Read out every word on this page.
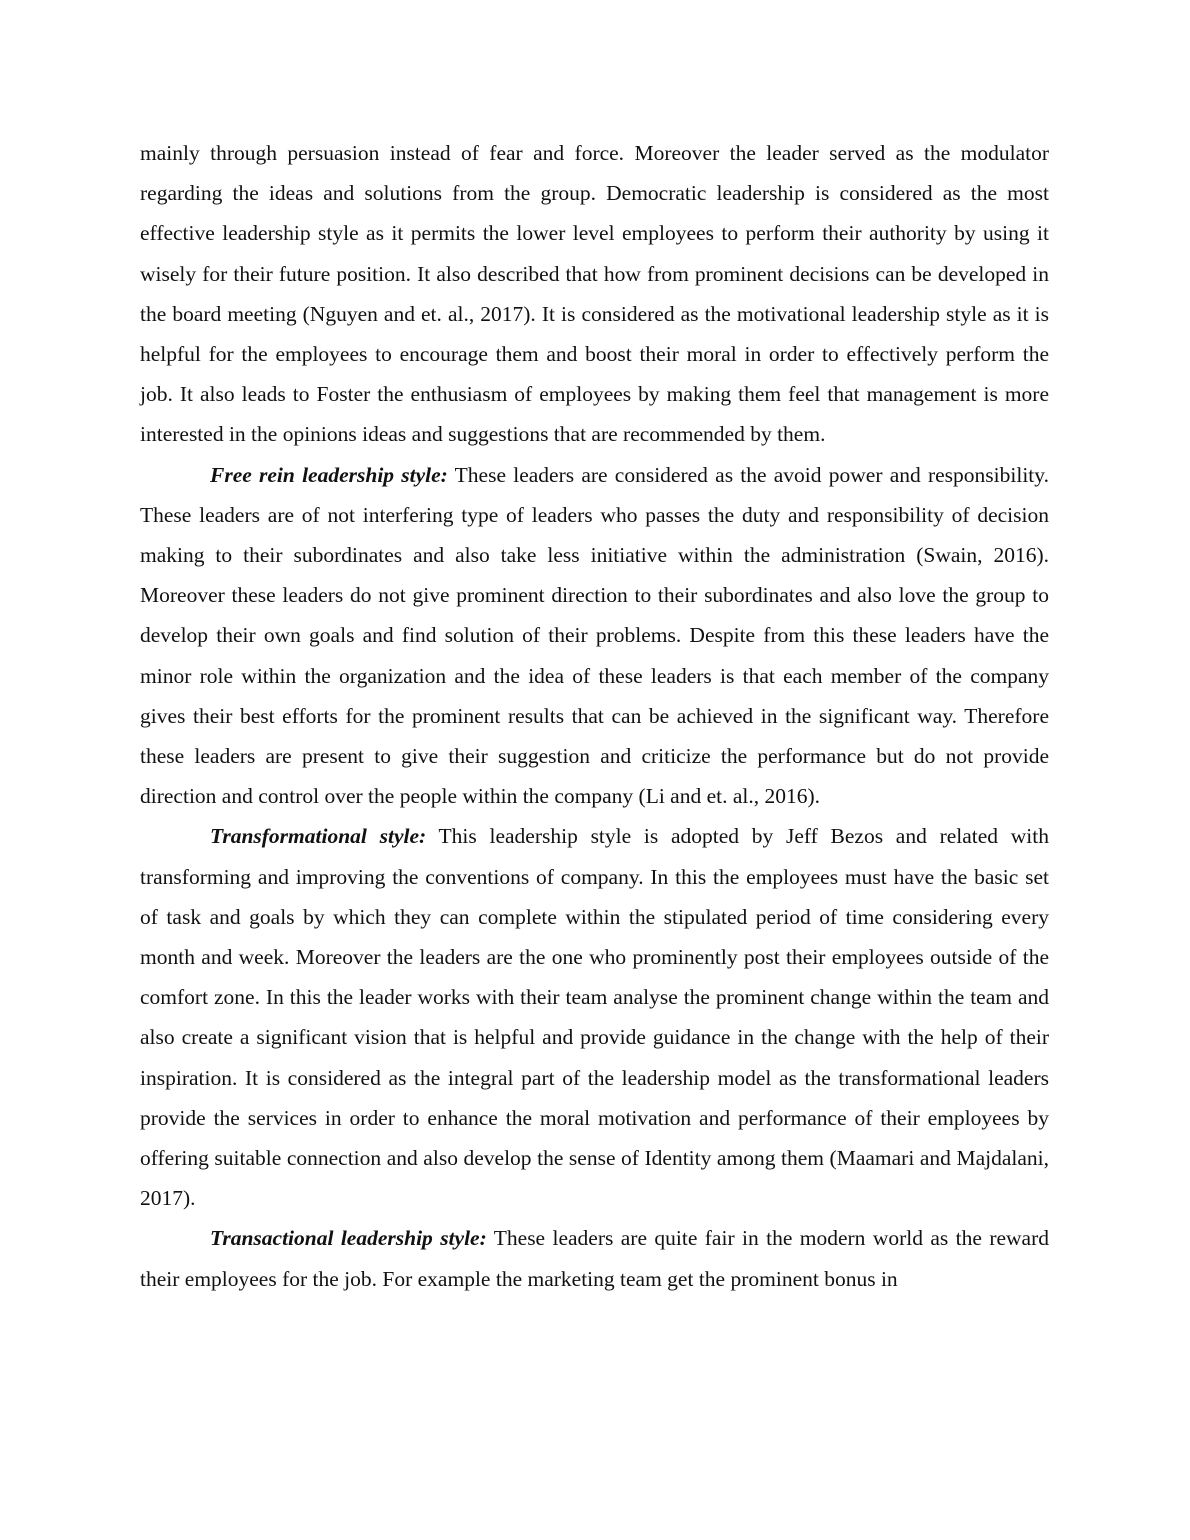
mainly through persuasion instead of fear and force. Moreover the leader served as the modulator regarding the ideas and solutions from the group. Democratic leadership is considered as the most effective leadership style as it permits the lower level employees to perform their authority by using it wisely for their future position. It also described that how from prominent decisions can be developed in the board meeting (Nguyen and et. al., 2017). It is considered as the motivational leadership style as it is helpful for the employees to encourage them and boost their moral in order to effectively perform the job. It also leads to Foster the enthusiasm of employees by making them feel that management is more interested in the opinions ideas and suggestions that are recommended by them.

Free rein leadership style: These leaders are considered as the avoid power and responsibility. These leaders are of not interfering type of leaders who passes the duty and responsibility of decision making to their subordinates and also take less initiative within the administration (Swain, 2016). Moreover these leaders do not give prominent direction to their subordinates and also love the group to develop their own goals and find solution of their problems. Despite from this these leaders have the minor role within the organization and the idea of these leaders is that each member of the company gives their best efforts for the prominent results that can be achieved in the significant way. Therefore these leaders are present to give their suggestion and criticize the performance but do not provide direction and control over the people within the company (Li and et. al., 2016).

Transformational style: This leadership style is adopted by Jeff Bezos and related with transforming and improving the conventions of company. In this the employees must have the basic set of task and goals by which they can complete within the stipulated period of time considering every month and week. Moreover the leaders are the one who prominently post their employees outside of the comfort zone. In this the leader works with their team analyse the prominent change within the team and also create a significant vision that is helpful and provide guidance in the change with the help of their inspiration. It is considered as the integral part of the leadership model as the transformational leaders provide the services in order to enhance the moral motivation and performance of their employees by offering suitable connection and also develop the sense of Identity among them (Maamari and Majdalani, 2017).

Transactional leadership style: These leaders are quite fair in the modern world as the reward their employees for the job. For example the marketing team get the prominent bonus in
